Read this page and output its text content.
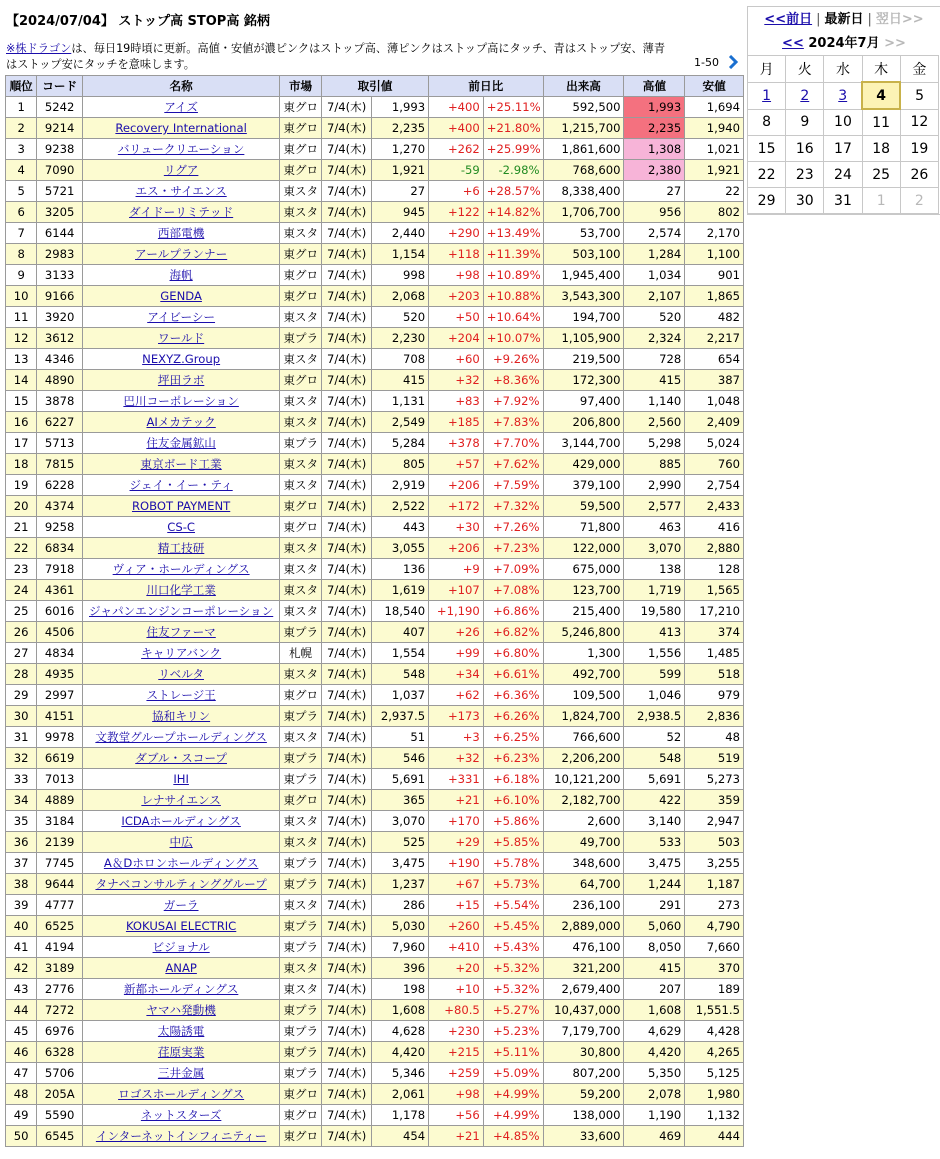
【2024/07/04】 ストップ高 STOP高 銘柄
※株ドラゴンは、毎日19時頃に更新。高値・安値が濃ピンクはストップ高、薄ピンクはストップ高にタッチ、青はストップ安、薄青はストップ安にタッチを意味します。	1-50
順位	コード	名称	市場	取引値		前日比		出来高	高値	安値
1	5242	アイズ	東グロ	7/4(木)	1,993	+400	+25.11%	592,500	1,993	1,694
2	9214	Recovery International	東グロ	7/4(木)	2,235	+400	+21.80%	1,215,700	2,235	1,940
3	9238	バリュークリエーション	東グロ	7/4(木)	1,270	+262	+25.99%	1,861,600	1,308	1,021
4	7090	リグア	東グロ	7/4(木)	1,921	-59	-2.98%	768,600	2,380	1,921
5	5721	エス・サイエンス	東スタ	7/4(木)	27	+6	+28.57%	8,338,400	27	22
6	3205	ダイドーリミテッド	東スタ	7/4(木)	945	+122	+14.82%	1,706,700	956	802
7	6144	西部電機	東スタ	7/4(木)	2,440	+290	+13.49%	53,700	2,574	2,170
8	2983	アールプランナー	東グロ	7/4(木)	1,154	+118	+11.39%	503,100	1,284	1,100
9	3133	海帆	東グロ	7/4(木)	998	+98	+10.89%	1,945,400	1,034	901
10	9166	GENDA	東グロ	7/4(木)	2,068	+203	+10.88%	3,543,300	2,107	1,865
11	3920	アイビーシー	東スタ	7/4(木)	520	+50	+10.64%	194,700	520	482
12	3612	ワールド	東プラ	7/4(木)	2,230	+204	+10.07%	1,105,900	2,324	2,217
13	4346	NEXYZ.Group	東スタ	7/4(木)	708	+60	+9.26%	219,500	728	654
14	4890	坪田ラボ	東グロ	7/4(木)	415	+32	+8.36%	172,300	415	387
15	3878	巴川コーポレーション	東スタ	7/4(木)	1,131	+83	+7.92%	97,400	1,140	1,048
16	6227	AIメカテック	東スタ	7/4(木)	2,549	+185	+7.83%	206,800	2,560	2,409
17	5713	住友金属鉱山	東プラ	7/4(木)	5,284	+378	+7.70%	3,144,700	5,298	5,024
18	7815	東京ボード工業	東スタ	7/4(木)	805	+57	+7.62%	429,000	885	760
19	6228	ジェイ・イー・ティ	東スタ	7/4(木)	2,919	+206	+7.59%	379,100	2,990	2,754
20	4374	ROBOT PAYMENT	東グロ	7/4(木)	2,522	+172	+7.32%	59,500	2,577	2,433
21	9258	CS-C	東グロ	7/4(木)	443	+30	+7.26%	71,800	463	416
22	6834	精工技研	東スタ	7/4(木)	3,055	+206	+7.23%	122,000	3,070	2,880
23	7918	ヴィア・ホールディングス	東スタ	7/4(木)	136	+9	+7.09%	675,000	138	128
24	4361	川口化学工業	東スタ	7/4(木)	1,619	+107	+7.08%	123,700	1,719	1,565
25	6016	ジャパンエンジンコーポレーション	東スタ	7/4(木)	18,540	+1,190	+6.86%	215,400	19,580	17,210
26	4506	住友ファーマ	東プラ	7/4(木)	407	+26	+6.82%	5,246,800	413	374
27	4834	キャリアバンク	札幌	7/4(木)	1,554	+99	+6.80%	1,300	1,556	1,485
28	4935	リベルタ	東スタ	7/4(木)	548	+34	+6.61%	492,700	599	518
29	2997	ストレージ王	東グロ	7/4(木)	1,037	+62	+6.36%	109,500	1,046	979
30	4151	協和キリン	東プラ	7/4(木)	2,937.5	+173	+6.26%	1,824,700	2,938.5	2,836
31	9978	文教堂グループホールディングス	東スタ	7/4(木)	51	+3	+6.25%	766,600	52	48
32	6619	ダブル・スコープ	東プラ	7/4(木)	546	+32	+6.23%	2,206,200	548	519
33	7013	IHI	東プラ	7/4(木)	5,691	+331	+6.18%	10,121,200	5,691	5,273
34	4889	レナサイエンス	東グロ	7/4(木)	365	+21	+6.10%	2,182,700	422	359
35	3184	ICDAホールディングス	東スタ	7/4(木)	3,070	+170	+5.86%	2,600	3,140	2,947
36	2139	中広	東スタ	7/4(木)	525	+29	+5.85%	49,700	533	503
37	7745	A＆Dホロンホールディングス	東プラ	7/4(木)	3,475	+190	+5.78%	348,600	3,475	3,255
38	9644	タナベコンサルティンググループ	東プラ	7/4(木)	1,237	+67	+5.73%	64,700	1,244	1,187
39	4777	ガーラ	東スタ	7/4(木)	286	+15	+5.54%	236,100	291	273
40	6525	KOKUSAI ELECTRIC	東プラ	7/4(木)	5,030	+260	+5.45%	2,889,000	5,060	4,790
41	4194	ビジョナル	東プラ	7/4(木)	7,960	+410	+5.43%	476,100	8,050	7,660
42	3189	ANAP	東スタ	7/4(木)	396	+20	+5.32%	321,200	415	370
43	2776	新都ホールディングス	東スタ	7/4(木)	198	+10	+5.32%	2,679,400	207	189
44	7272	ヤマハ発動機	東プラ	7/4(木)	1,608	+80.5	+5.27%	10,437,000	1,608	1,551.5
45	6976	太陽誘電	東プラ	7/4(木)	4,628	+230	+5.23%	7,179,700	4,629	4,428
46	6328	荏原実業	東プラ	7/4(木)	4,420	+215	+5.11%	30,800	4,420	4,265
47	5706	三井金属	東プラ	7/4(木)	5,346	+259	+5.09%	807,200	5,350	5,125
48	205A	ロゴスホールディングス	東グロ	7/4(木)	2,061	+98	+4.99%	59,200	2,078	1,980
49	5590	ネットスターズ	東グロ	7/4(木)	1,178	+56	+4.99%	138,000	1,190	1,132
50	6545	インターネットインフィニティー	東グロ	7/4(木)	454	+21	+4.85%	33,600	469	444
<<前日 | 最新日 | 翌日>>
<< 2024年7月 >>
月	火	水	木	金
1	2	3	4	5
8	9	10	11	12
15	16	17	18	19
22	23	24	25	26
29	30	31	1	2
